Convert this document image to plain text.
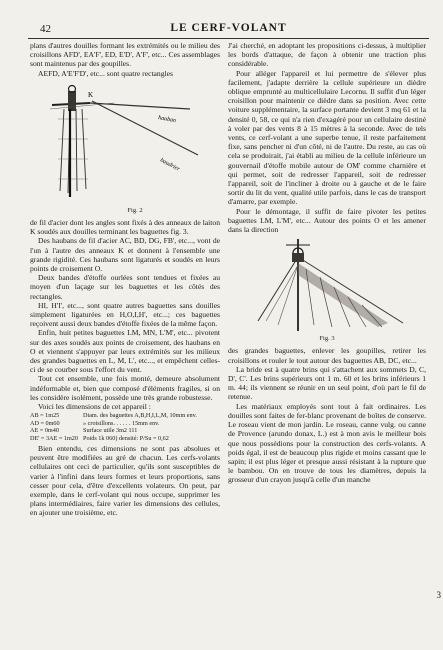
42	LE CERF-VOLANT

plans d'autres douilles formant les extrémités ou le milieu des croisillons AFD', EA'F', ED, E'D', A'F', etc... Ces assemblages sont maintenus par des goupilles.

AEFD, A'E'F'D', etc... sont quatre rectangles

K
hauban
baudrier
Fig. 2

de fil d'acier dont les angles sont fixés à des anneaux de laiton K soudés aux douilles terminant les baguettes fig. 3.

Des haubans de fil d'acier AC, BD, DG, FB', etc..., vont de l'un à l'autre des anneaux K et donnent à l'ensemble une grande rigidité. Ces haubans sont ligaturés et soudés en leurs points de croisement O.

Deux bandes d'étoffe ourlées sont tendues et fixées au moyen d'un laçage sur les baguettes et les côtés des rectangles.

HI, H'I', etc..., sont quatre autres baguettes sans douilles simplement ligaturées en H,O,I,H', etc...; ces baguettes reçoivent aussi deux bandes d'étoffe fixées de la même façon.

Enfin, huit petites baguettes LM, MN, L'M', etc... pivotent sur des axes soudés aux points de croisement, des haubans en O et viennent s'appuyer par leurs extrémités sur les milieux des grandes baguettes en L, M, L', etc..., et empêchent celles-ci de se courber sous l'effort du vent.

Tout cet ensemble, une fois monté, demeure absolument indéformable et, bien que composé d'éléments fragiles, si on les considère isolément, possède une très grande robustesse.

Voici les dimensions de cet appareil :

AB = 1m25
AD = 0m60
AE = 0m40
DE' = 3AE = 1m20
Diam. des baguettes A,B,H,I,L,M, 10mm env.
» croisillons. . . . . . 15mm env.
Surface utile 3m2 111
Poids 1k 060) densité: P/Su = 0,62

Bien entendu, ces dimensions ne sont pas absolues et peuvent être modifiées au gré de chacun. Les cerfs-volants cellulaires ont ceci de particulier, qu'ils sont susceptibles de varier à l'infini dans leurs formes et leurs proportions, sans cesser pour cela, d'être d'excellents volateurs. On peut, par exemple, dans le cerf-volant qui nous occupe, supprimer les plans intermédiaires, faire varier les dimensions des cellules, en ajouter une troisième, etc.

J'ai cherché, en adoptant les propositions ci-dessus, à multiplier les bords d'attaque, de façon à obtenir une traction plus considérable.

Pour alléger l'appareil et lui permettre de s'élever plus facilement, j'adapte derrière la cellule supérieure un dièdre oblique emprunté au multicellulaire Lecornu. Il suffit d'un léger croisillon pour maintenir ce dièdre dans sa position. Avec cette voiture supplémentaire, la surface portante devient 3 mq 61 et la densité 0, 58, ce qui n'a rien d'exagéré pour un cellulaire destiné à voler par des vents 8 à 15 mètres à la seconde. Avec de tels vents, ce cerf-volant a une superbe tenue, il reste parfaitement fixe, sans pencher ni d'un côté, ni de l'autre. Du reste, au cas où cela se produirait, j'ai établi au milieu de la cellule inférieure un gouvernail d'étoffe mobile autour de OM' comme charnière et qui permet, soit de redresser l'appareil, soit de redresser l'appareil, soit de l'incliner à droite ou à gauche et de le faire sortir du lit du vent, qualité utile parfois, dans le cas de transport d'amarre, par exemple.

Pour le démontage, il suffit de faire pivoter les petites baguettes LM, L'M', etc... Autour des points O et les amener dans la direction

Fig. 3

des grandes baguettes, enlever les goupilles, retirer les croisillons et rouler le tout autour des baguettes AB, DC, etc...

La bride est à quatre brins qui s'attachent aux sommets D, C, D', C'. Les brins supérieurs ont 1 m. 60 et les brins inférieurs 1 m. 44; ils viennent se réunir en un seul point, d'où part le fil de retenue.

Les matériaux employés sont tout à fait ordinaires. Les douilles sont faites de fer-blanc provenant de boîtes de conserve. Le roseau vient de mon jardin. Le roseau, canne vulg. ou canne de Provence (arundo donax, L.) est à mon avis le meilleur bois que nous possédions pour la construction des cerfs-volants. A poids égal, il est de beaucoup plus rigide et moins cassant que le sapin; il est plus léger et presque aussi résistant à la rupture que le bambou. On en trouve de tous les diamètres, depuis la grosseur d'un crayon jusqu'à celle d'un manche

3
